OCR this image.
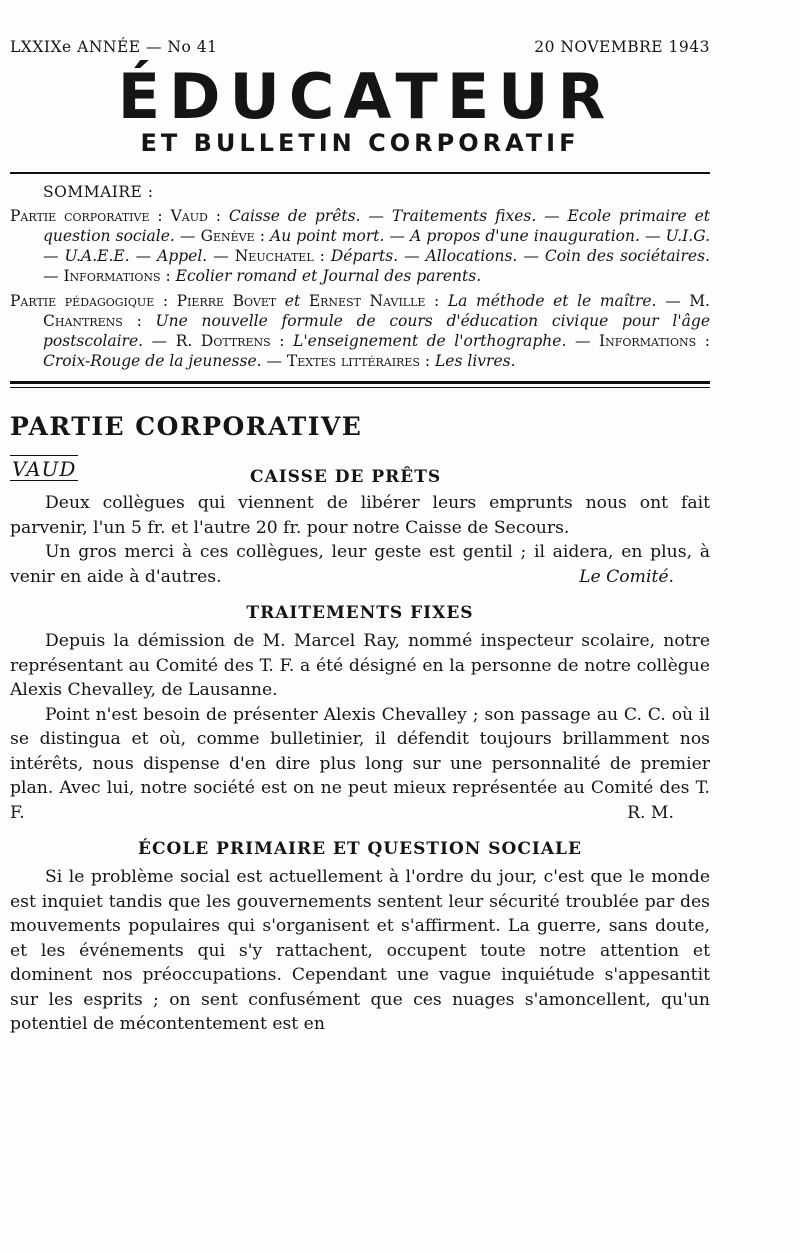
LXXIXe ANNÉE — No 41	20 NOVEMBRE 1943
ÉDUCATEUR
ET BULLETIN CORPORATIF
SOMMAIRE :

Partie corporative : Vaud : Caisse de prêts. — Traitements fixes. — Ecole primaire et question sociale. — Genève : Au point mort. — A propos d'une inauguration. — U.I.G. — U.A.E.E. — Appel. — Neuchatel : Départs. — Allocations. — Coin des sociétaires. — Informations : Ecolier romand et Journal des parents.

Partie pédagogique : Pierre Bovet et Ernest Naville : La méthode et le maître. — M. Chantrens : Une nouvelle formule de cours d'éducation civique pour l'âge postscolaire. — R. Dottrens : L'enseignement de l'orthographe. — Informations : Croix-Rouge de la jeunesse. — Textes littéraires : Les livres.

PARTIE CORPORATIVE
VAUD	CAISSE DE PRÊTS

Deux collègues qui viennent de libérer leurs emprunts nous ont fait parvenir, l'un 5 fr. et l'autre 20 fr. pour notre Caisse de Secours.

Un gros merci à ces collègues, leur geste est gentil ; il aidera, en plus, à venir en aide à d'autres.	Le Comité.

TRAITEMENTS FIXES

Depuis la démission de M. Marcel Ray, nommé inspecteur scolaire, notre représentant au Comité des T. F. a été désigné en la personne de notre collègue Alexis Chevalley, de Lausanne.

Point n'est besoin de présenter Alexis Chevalley ; son passage au C. C. où il se distingua et où, comme bulletinier, il défendit toujours brillamment nos intérêts, nous dispense d'en dire plus long sur une personnalité de premier plan. Avec lui, notre société est on ne peut mieux représentée au Comité des T. F.	R. M.

ÉCOLE PRIMAIRE ET QUESTION SOCIALE

Si le problème social est actuellement à l'ordre du jour, c'est que le monde est inquiet tandis que les gouvernements sentent leur sécurité troublée par des mouvements populaires qui s'organisent et s'affirment. La guerre, sans doute, et les événements qui s'y rattachent, occupent toute notre attention et dominent nos préoccupations. Cependant une vague inquiétude s'appesantit sur les esprits ; on sent confusément que ces nuages s'amoncellent, qu'un potentiel de mécontentement est en
